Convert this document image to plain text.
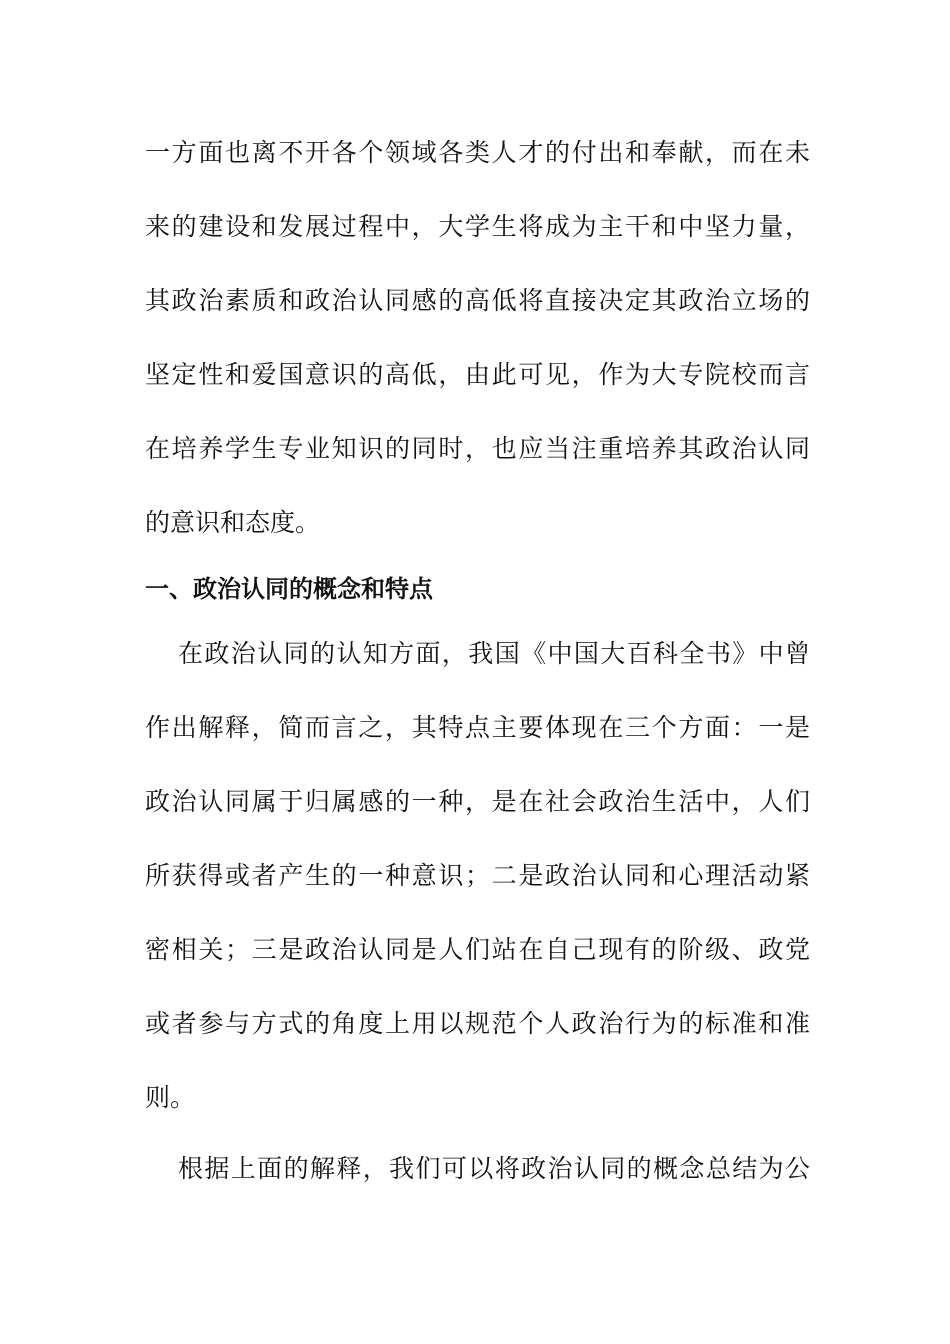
一方面也离不开各个领域各类人才的付出和奉献，而在未
来的建设和发展过程中，大学生将成为主干和中坚力量，
其政治素质和政治认同感的高低将直接决定其政治立场的
坚定性和爱国意识的高低，由此可见，作为大专院校而言
在培养学生专业知识的同时，也应当注重培养其政治认同
的意识和态度。
一、政治认同的概念和特点
在政治认同的认知方面，我国《中国大百科全书》中曾
作出解释，简而言之，其特点主要体现在三个方面：一是
政治认同属于归属感的一种，是在社会政治生活中，人们
所获得或者产生的一种意识；二是政治认同和心理活动紧
密相关；三是政治认同是人们站在自己现有的阶级、政党
或者参与方式的角度上用以规范个人政治行为的标准和准
则。
根据上面的解释，我们可以将政治认同的概念总结为公
